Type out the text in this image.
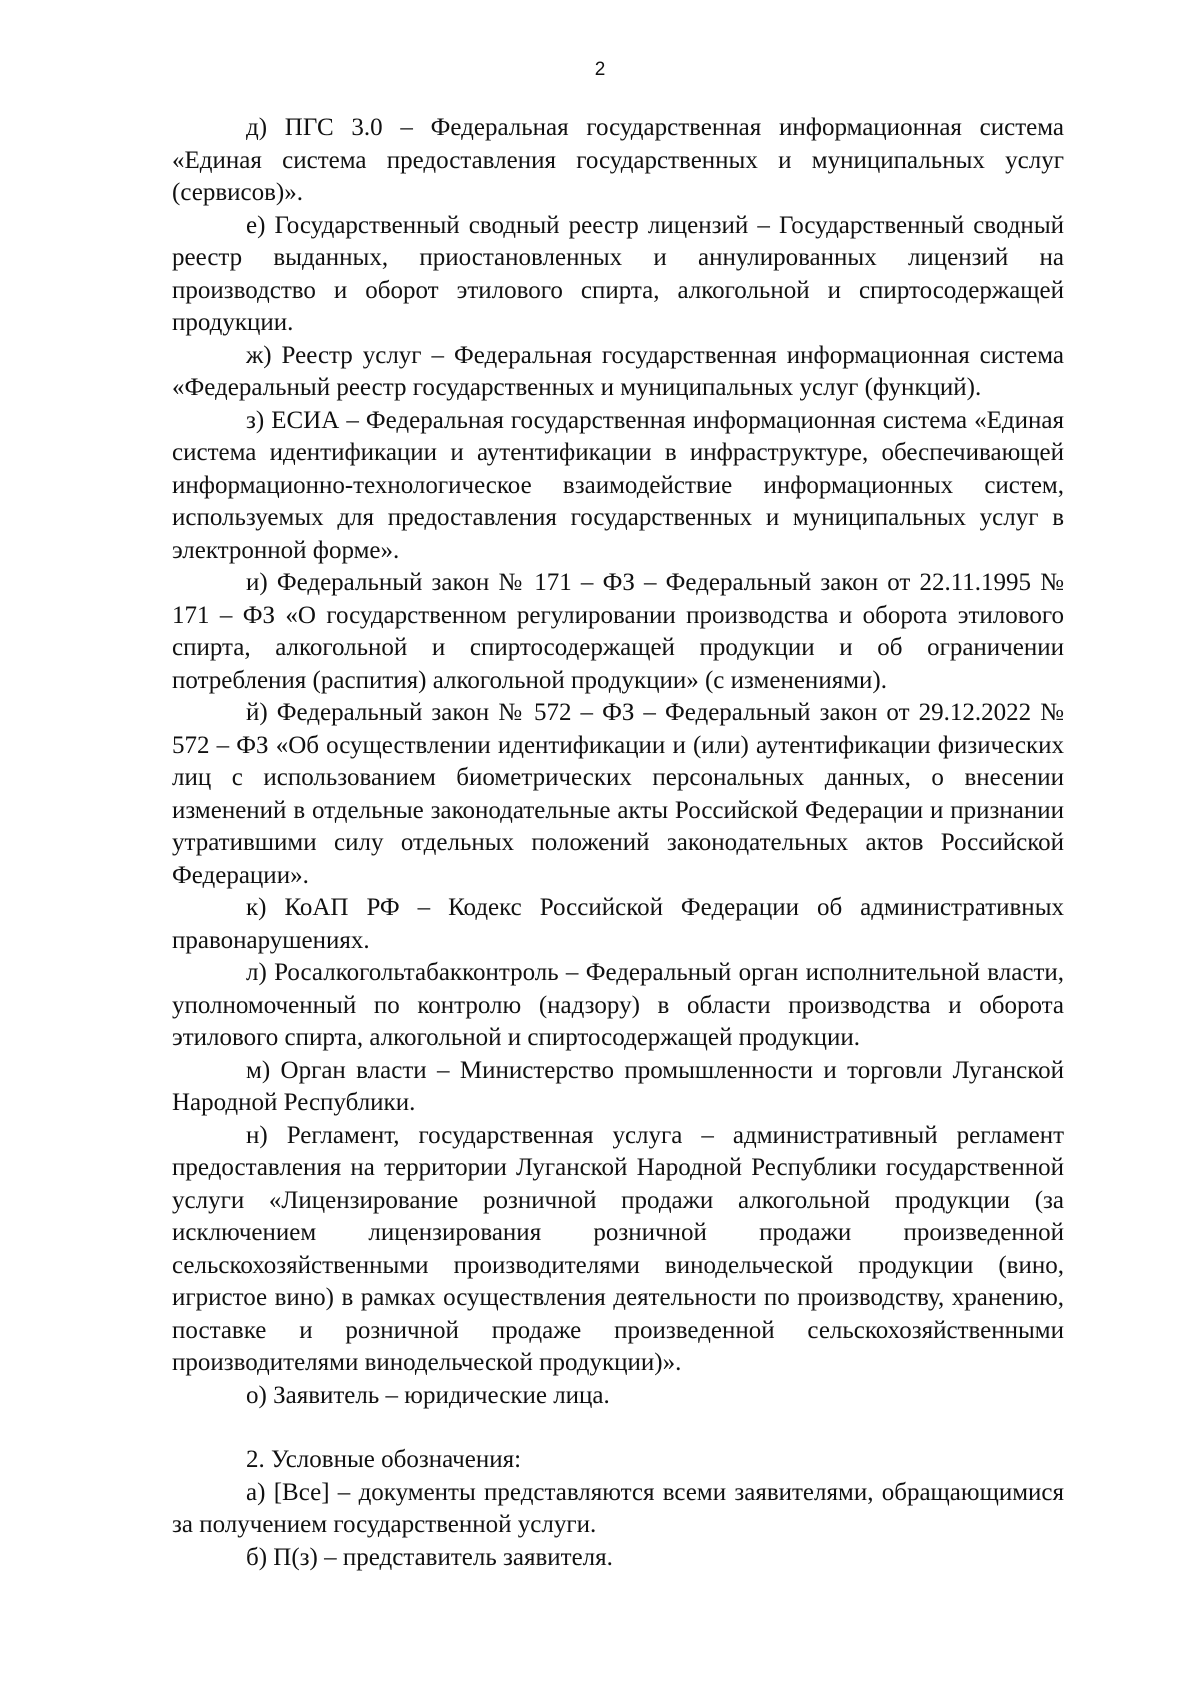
2

д) ПГС 3.0 – Федеральная государственная информационная система «Единая система предоставления государственных и муниципальных услуг (сервисов)».

е) Государственный сводный реестр лицензий – Государственный сводный реестр выданных, приостановленных и аннулированных лицензий на производство и оборот этилового спирта, алкогольной и спиртосодержащей продукции.

ж) Реестр услуг – Федеральная государственная информационная система «Федеральный реестр государственных и муниципальных услуг (функций).

з) ЕСИА – Федеральная государственная информационная система «Единая система идентификации и аутентификации в инфраструктуре, обеспечивающей информационно-технологическое взаимодействие информационных систем, используемых для предоставления государственных и муниципальных услуг в электронной форме».

и) Федеральный закон № 171 – ФЗ – Федеральный закон от 22.11.1995 № 171 – ФЗ «О государственном регулировании производства и оборота этилового спирта, алкогольной и спиртосодержащей продукции и об ограничении потребления (распития) алкогольной продукции» (с изменениями).

й) Федеральный закон № 572 – ФЗ – Федеральный закон от 29.12.2022 № 572 – ФЗ «Об осуществлении идентификации и (или) аутентификации физических лиц с использованием биометрических персональных данных, о внесении изменений в отдельные законодательные акты Российской Федерации и признании утратившими силу отдельных положений законодательных актов Российской Федерации».

к) КоАП РФ – Кодекс Российской Федерации об административных правонарушениях.

л) Росалкогольтабакконтроль – Федеральный орган исполнительной власти, уполномоченный по контролю (надзору) в области производства и оборота этилового спирта, алкогольной и спиртосодержащей продукции.

м) Орган власти – Министерство промышленности и торговли Луганской Народной Республики.

н) Регламент, государственная услуга – административный регламент предоставления на территории Луганской Народной Республики государственной услуги «Лицензирование розничной продажи алкогольной продукции (за исключением лицензирования розничной продажи произведенной сельскохозяйственными производителями винодельческой продукции (вино, игристое вино) в рамках осуществления деятельности по производству, хранению, поставке и розничной продаже произведенной сельскохозяйственными производителями винодельческой продукции)».

о) Заявитель – юридические лица.

2. Условные обозначения:

а) [Все] – документы представляются всеми заявителями, обращающимися за получением государственной услуги.

б) П(з) – представитель заявителя.
